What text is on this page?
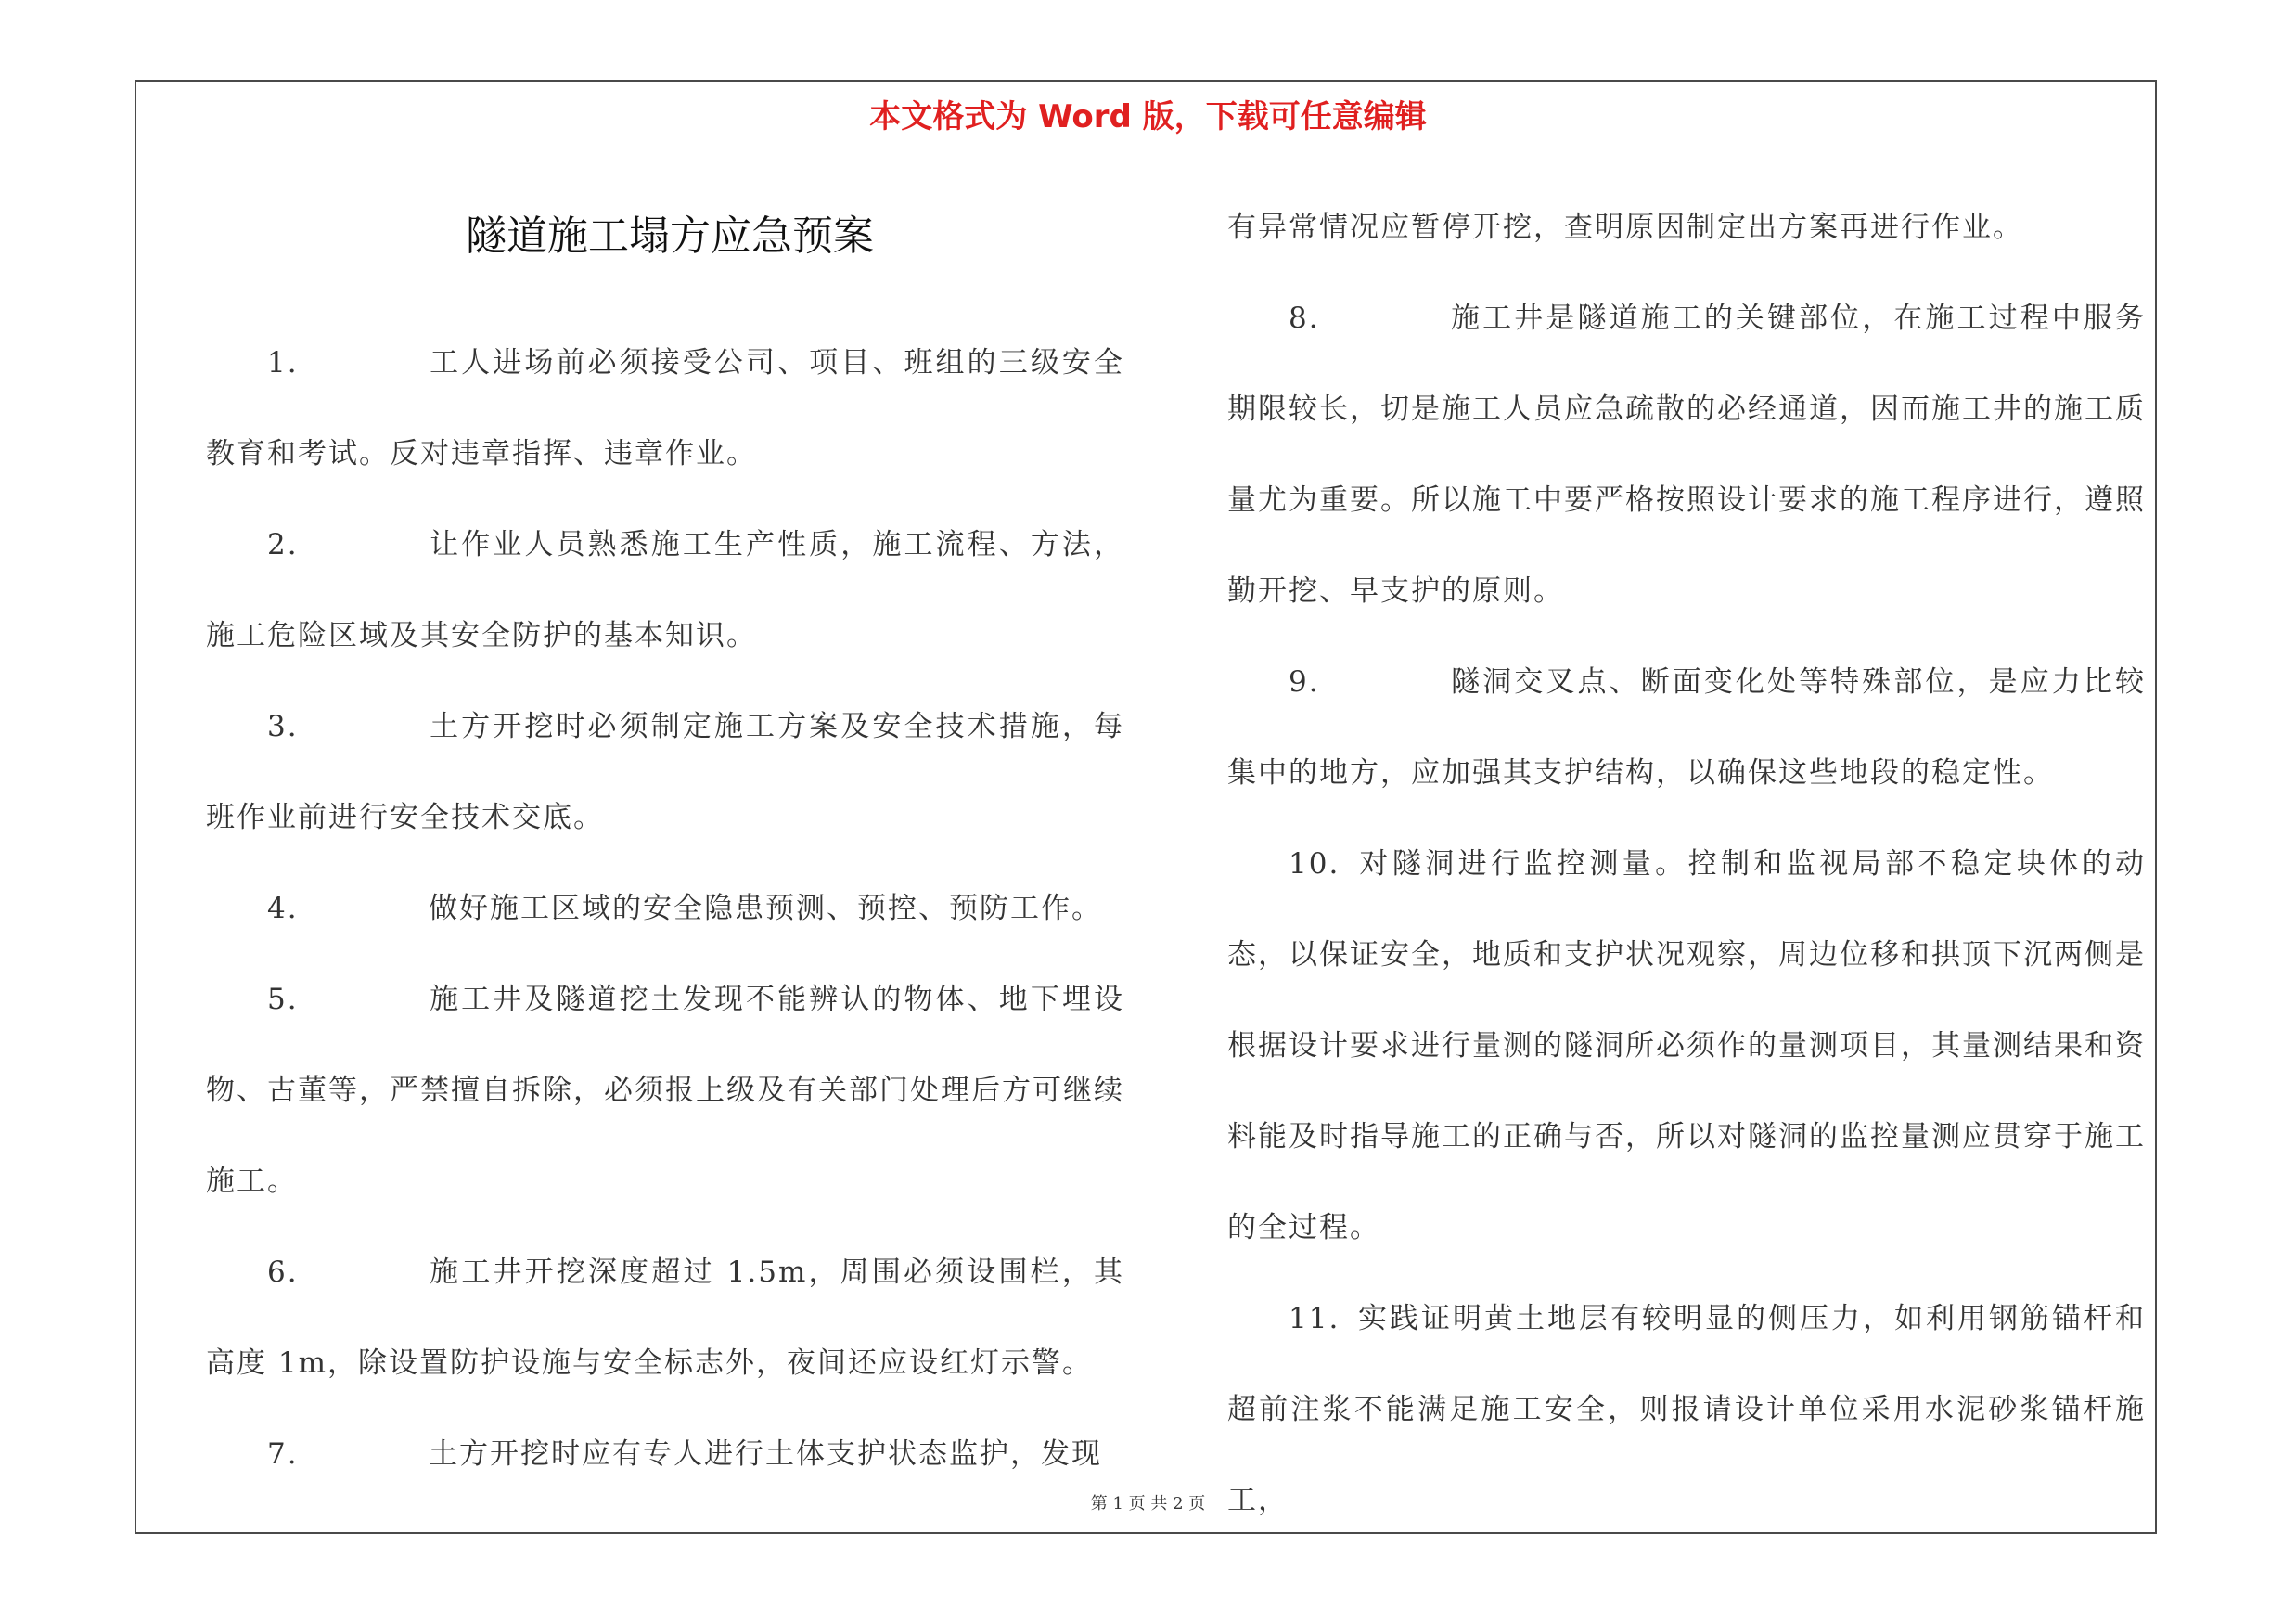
本文格式为 Word 版，下载可任意编辑
隧道施工塌方应急预案

1.	工人进场前必须接受公司、项目、班组的三级安全教育和考试。反对违章指挥、违章作业。

2.	让作业人员熟悉施工生产性质，施工流程、方法，施工危险区域及其安全防护的基本知识。

3.	土方开挖时必须制定施工方案及安全技术措施，每班作业前进行安全技术交底。

4.	做好施工区域的安全隐患预测、预控、预防工作。

5.	施工井及隧道挖土发现不能辨认的物体、地下埋设物、古董等，严禁擅自拆除，必须报上级及有关部门处理后方可继续施工。

6.	施工井开挖深度超过 1.5m，周围必须设围栏，其高度 1m，除设置防护设施与安全标志外，夜间还应设红灯示警。

7.	土方开挖时应有专人进行土体支护状态监护，发现

有异常情况应暂停开挖，查明原因制定出方案再进行作业。

8.	施工井是隧道施工的关键部位，在施工过程中服务期限较长，切是施工人员应急疏散的必经通道，因而施工井的施工质量尤为重要。所以施工中要严格按照设计要求的施工程序进行，遵照勤开挖、早支护的原则。

9.	隧洞交叉点、断面变化处等特殊部位，是应力比较集中的地方，应加强其支护结构，以确保这些地段的稳定性。

10. 对隧洞进行监控测量。控制和监视局部不稳定块体的动态，以保证安全，地质和支护状况观察，周边位移和拱顶下沉两侧是根据设计要求进行量测的隧洞所必须作的量测项目，其量测结果和资料能及时指导施工的正确与否，所以对隧洞的监控量测应贯穿于施工的全过程。

11. 实践证明黄土地层有较明显的侧压力，如利用钢筋锚杆和超前注浆不能满足施工安全，则报请设计单位采用水泥砂浆锚杆施工，

第 1 页 共 2 页
